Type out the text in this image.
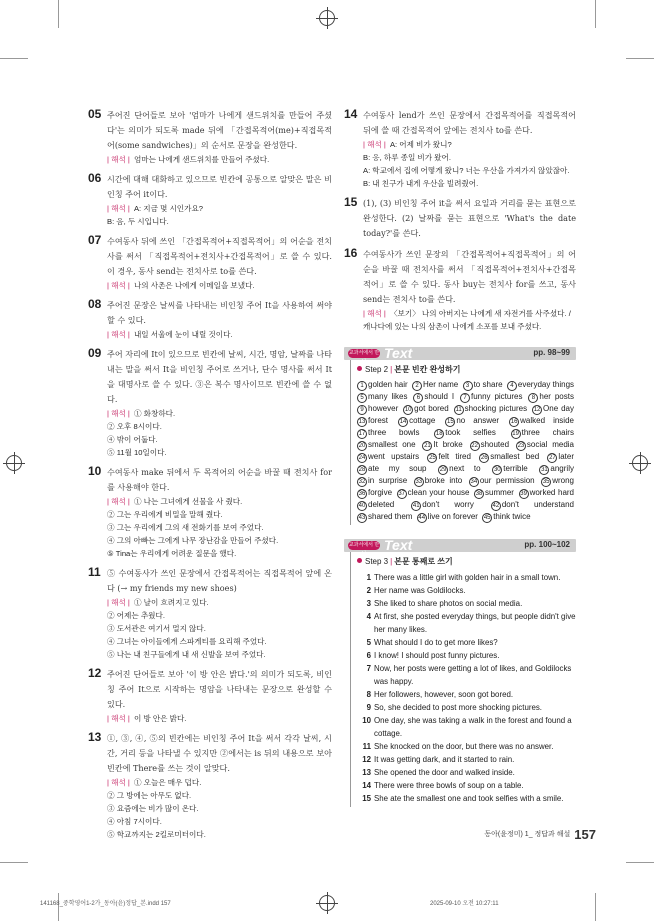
05 주어진 단어들로 보아 '엄마가 나에게 샌드위치를 만들어 주셨다'는 의미가 되도록 made 뒤에 「간접목적어(me)+직접목적어(some sandwiches)」의 순서로 문장을 완성한다.
| 해석 | 엄마는 나에게 샌드위치를 만들어 주셨다.
06 시간에 대해 대화하고 있으므로 빈칸에 공통으로 알맞은 말은 비인칭 주어 it이다.
| 해석 | A: 지금 몇 시인가요?
B: 음, 두 시입니다.
07 수여동사 뒤에 쓰인 「간접목적어+직접목적어」의 어순을 전치사를 써서 「직접목적어+전치사+간접목적어」로 쓸 수 있다. 이 경우, 동사 send는 전치사로 to를 쓴다.
| 해석 | 나의 사촌은 나에게 이메일을 보냈다.
08 주어진 문장은 날씨를 나타내는 비인칭 주어 It을 사용하여 써야 할 수 있다.
| 해석 | 내일 서울에 눈이 내릴 것이다.
09 주어 자리에 It이 있으므로 빈칸에 날씨, 시간, 명암, 날짜를 나타내는 말을 써서 It을 비인칭 주어로 쓰거나, 단수 명사를 써서 It을 대명사로 쓸 수 있다. ③은 복수 명사이므로 빈칸에 쓸 수 없다.
| 해석 | ① 화창하다.
② 오후 8시이다.
④ 밖이 어둡다.
⑤ 11월 10일이다.
10 수여동사 make 뒤에서 두 목적어의 어순을 바꿀 때 전치사 for를 사용해야 한다.
| 해석 | ① 나는 그녀에게 선물을 사 줬다.
② 그는 우리에게 비밀을 말해 줬다.
③ 그는 우리에게 그의 새 전화기를 보여 주었다.
④ 그의 아빠는 그에게 나무 장난감을 만들어 주셨다.
⑤ Tina는 우리에게 어려운 질문을 했다.
11 ⑤ 수여동사가 쓰인 문장에서 간접목적어는 직접목적어 앞에 온다 (→ my friends my new shoes)
| 해석 | ① 날이 흐려지고 있다.
② 어제는 추웠다.
③ 도서관은 여기서 멀지 않다.
④ 그녀는 아이들에게 스파게티를 요리해 주었다.
⑤ 나는 내 친구들에게 내 새 신발을 보여 주었다.
12 주어진 단어들로 보아 '이 방 안은 밝다.'의 의미가 되도록, 비인칭 주어 It으로 시작하는 명암을 나타내는 문장으로 완성할 수 있다.
| 해석 | 이 방 안은 밝다.
13 ①, ③, ④, ⑤의 빈칸에는 비인칭 주어 It을 써서 각각 날씨, 시간, 거리 등을 나타낼 수 있지만 ②에서는 is 뒤의 내용으로 보아 빈칸에 There를 쓰는 것이 알맞다.
| 해석 | ① 오늘은 매우 덥다.
② 그 방에는 아무도 없다.
③ 요즘에는 비가 많이 온다.
④ 아침 7시이다.
⑤ 학교까지는 2킬로미터이다.
14 수여동사 lend가 쓰인 문장에서 간접목적어를 직접목적어 뒤에 쓸 때 간접목적어 앞에는 전치사 to를 쓴다.
| 해석 | A: 어제 비가 왔니?
B: 응, 하루 종일 비가 왔어.
A: 학교에서 집에 어떻게 왔니? 너는 우산을 가져가지 않았잖아.
B: 내 친구가 내게 우산을 빌려줬어.
15 (1), (3) 비인칭 주어 it을 써서 요일과 거리를 묻는 표현으로 완성한다. (2) 날짜를 묻는 표현으로 'What's the date today?'를 쓴다.
16 수여동사가 쓰인 문장의 「간접목적어+직접목적어」의 어순을 바꿀 때 전치사를 써서 「직접목적어+전치사+간접목적어」로 쓸 수 있다. 동사 buy는 전치사 for를 쓰고, 동사 send는 전치사 to를 쓴다.
| 해석 | 〈보기〉 나의 아버지는 나에게 새 자전거를 사주셨다. / 캐나다에 있는 나의 삼촌이 나에게 소포를 보내 주셨다.
교과서에서 만난
Text	pp. 98~99
Step 2 | 본문 빈칸 완성하기
1 golden hair 2 Her name 3 to share 4 everyday things 5 many likes 6 should I 7 funny pictures 8 her posts 9 however 10 got bored 11 shocking pictures 12 One day 13 forest 14 cottage 15 no answer 16 walked inside 17 three bowls	18 took selfies	19 three chairs 20 smallest one 21 It broke 22 shouted 23 social media 24 went upstairs 25 felt tired 26 smallest bed 27 later 28 ate my soup 29 next to 30 terrible 31 angrily 32 in surprise 33 broke into 34 our permission 35 wrong 36 forgive 37 clean your house 38 summer 39 worked hard 40 deleted	41 don't worry	42 don't understand 43 shared them 44 live on forever 45 think twice
교과서에서 만난
Text	pp. 100~102
Step 3 | 본문 통째로 쓰기
1 There was a little girl with golden hair in a small town.
2 Her name was Goldilocks.
3 She liked to share photos on social media.
4 At first, she posted everyday things, but people didn't give her many likes.
5 What should I do to get more likes?
6 I know! I should post funny pictures.
7 Now, her posts were getting a lot of likes, and Goldilocks was happy.
8 Her followers, however, soon got bored.
9 So, she decided to post more shocking pictures.
10 One day, she was taking a walk in the forest and found a cottage.
11 She knocked on the door, but there was no answer.
12 It was getting dark, and it started to rain.
13 She opened the door and walked inside.
14 There were three bowls of soup on a table.
15 She ate the smallest one and took selfies with a smile.
동아(윤정미) 1_ 정답과 해설 157
141168_중학영어1-2가_동아(윤)정답_본.indd 157	2025-09-10 오전 10:27:11
